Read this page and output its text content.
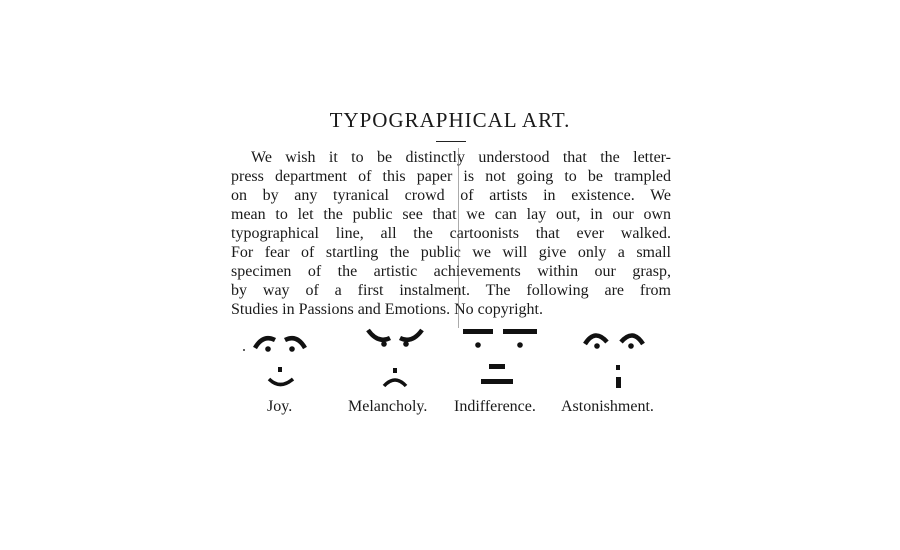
TYPOGRAPHICAL ART.
We wish it to be distinctly understood that the letter-
press department of this paper is not going to be trampled
on by any tyranical crowd of artists in existence. We
mean to let the public see that we can lay out, in our own
typographical line, all the cartoonists that ever walked.
For fear of startling the public we will give only a small
specimen of the artistic achievements within our grasp,
by way of a first instalment. The following are from
Studies in Passions and Emotions. No copyright.
Joy.	Melancholy. Indifference. Astonishment.
